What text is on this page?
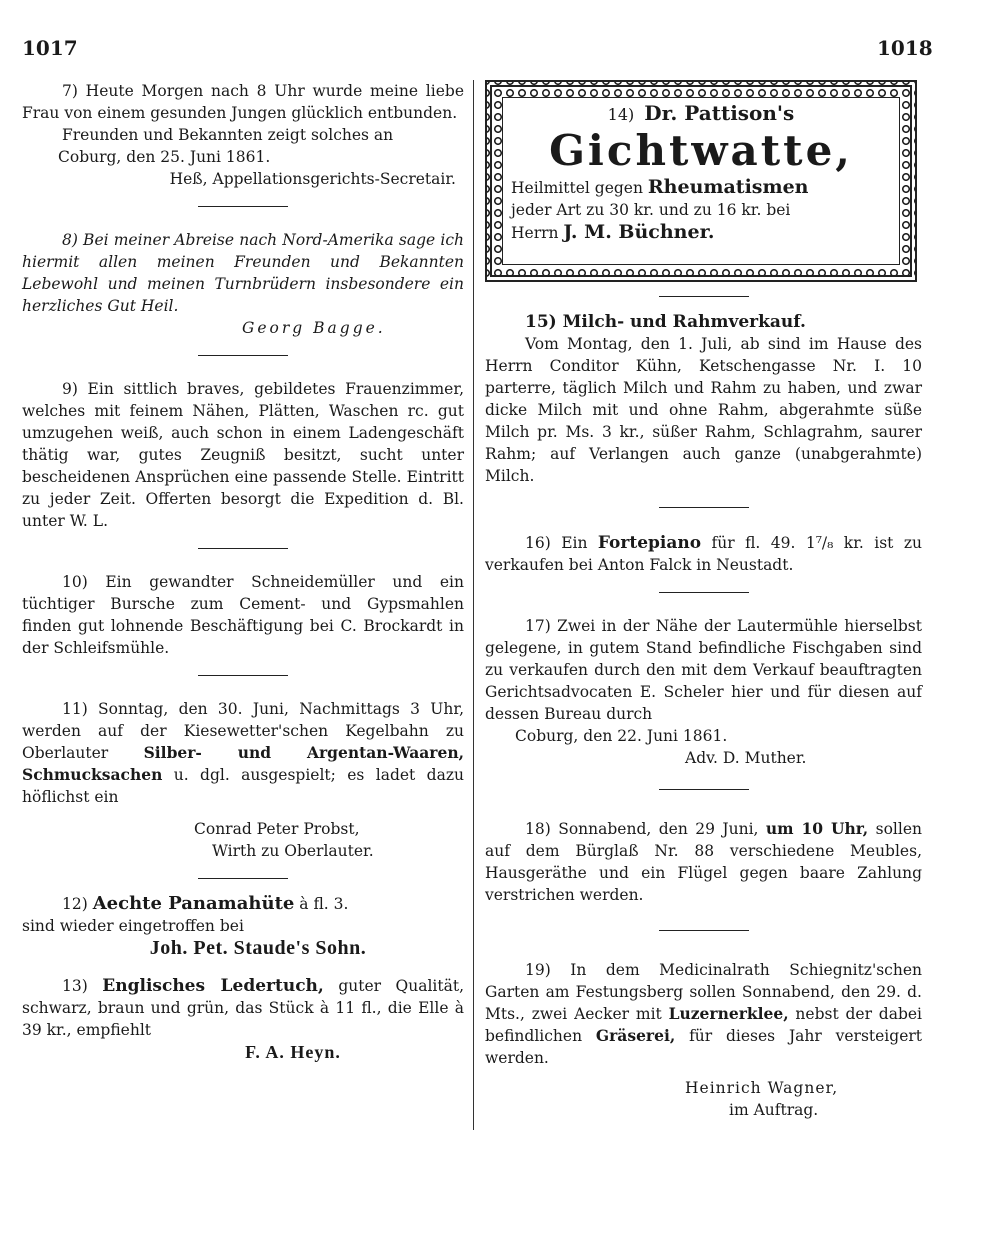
1017	1018

7) Heute Morgen nach 8 Uhr wurde meine liebe Frau von einem gesunden Jungen glücklich entbunden.

Freunden und Bekannten zeigt solches an

Coburg, den 25. Juni 1861.

Heß, Appellationsgerichts-Secretair.

8) Bei meiner Abreise nach Nord-Amerika sage ich hiermit allen meinen Freunden und Bekannten Lebewohl und meinen Turnbrüdern insbesondere ein herzliches Gut Heil.

Georg Bagge.

9) Ein sittlich braves, gebildetes Frauenzimmer, welches mit feinem Nähen, Plätten, Waschen rc. gut umzugehen weiß, auch schon in einem Ladengeschäft thätig war, gutes Zeugniß besitzt, sucht unter bescheidenen Ansprüchen eine passende Stelle. Eintritt zu jeder Zeit. Offerten besorgt die Expedition d. Bl. unter W. L.

10) Ein gewandter Schneidemüller und ein tüchtiger Bursche zum Cement- und Gypsmahlen finden gut lohnende Beschäftigung bei C. Brockardt in der Schleifsmühle.

11) Sonntag, den 30. Juni, Nachmittags 3 Uhr, werden auf der Kiesewetter'schen Kegelbahn zu Oberlauter Silber- und Argentan-Waaren, Schmucksachen u. dgl. ausgespielt; es ladet dazu höflichst ein

Conrad Peter Probst,

Wirth zu Oberlauter.

12) Aechte Panamahüte à fl. 3.

sind wieder eingetroffen bei

Joh. Pet. Staude's Sohn.

13) Englisches Ledertuch, guter Qualität, schwarz, braun und grün, das Stück à 11 fl., die Elle à 39 kr., empfiehlt

F. A. Heyn.

14) Dr. Pattison's
Gichtwatte,
Heilmittel gegen Rheumatismen
jeder Art zu 30 kr. und zu 16 kr. bei
Herrn J. M. Büchner.

15) Milch- und Rahmverkauf.

Vom Montag, den 1. Juli, ab sind im Hause des Herrn Conditor Kühn, Ketschengasse Nr. I. 10 parterre, täglich Milch und Rahm zu haben, und zwar dicke Milch mit und ohne Rahm, abgerahmte süße Milch pr. Ms. 3 kr., süßer Rahm, Schlagrahm, saurer Rahm; auf Verlangen auch ganze (unabgerahmte) Milch.

16) Ein Fortepiano für fl. 49. 1⁷/₈ kr. ist zu verkaufen bei Anton Falck in Neustadt.

17) Zwei in der Nähe der Lautermühle hierselbst gelegene, in gutem Stand befindliche Fischgaben sind zu verkaufen durch den mit dem Verkauf beauftragten Gerichtsadvocaten E. Scheler hier und für diesen auf dessen Bureau durch

Coburg, den 22. Juni 1861.

Adv. D. Muther.

18) Sonnabend, den 29 Juni, um 10 Uhr, sollen auf dem Bürglaß Nr. 88 verschiedene Meubles, Hausgeräthe und ein Flügel gegen baare Zahlung verstrichen werden.

19) In dem Medicinalrath Schiegnitz'schen Garten am Festungsberg sollen Sonnabend, den 29. d. Mts., zwei Aecker mit Luzernerklee, nebst der dabei befindlichen Gräserei, für dieses Jahr versteigert werden.

Heinrich Wagner,

im Auftrag.
